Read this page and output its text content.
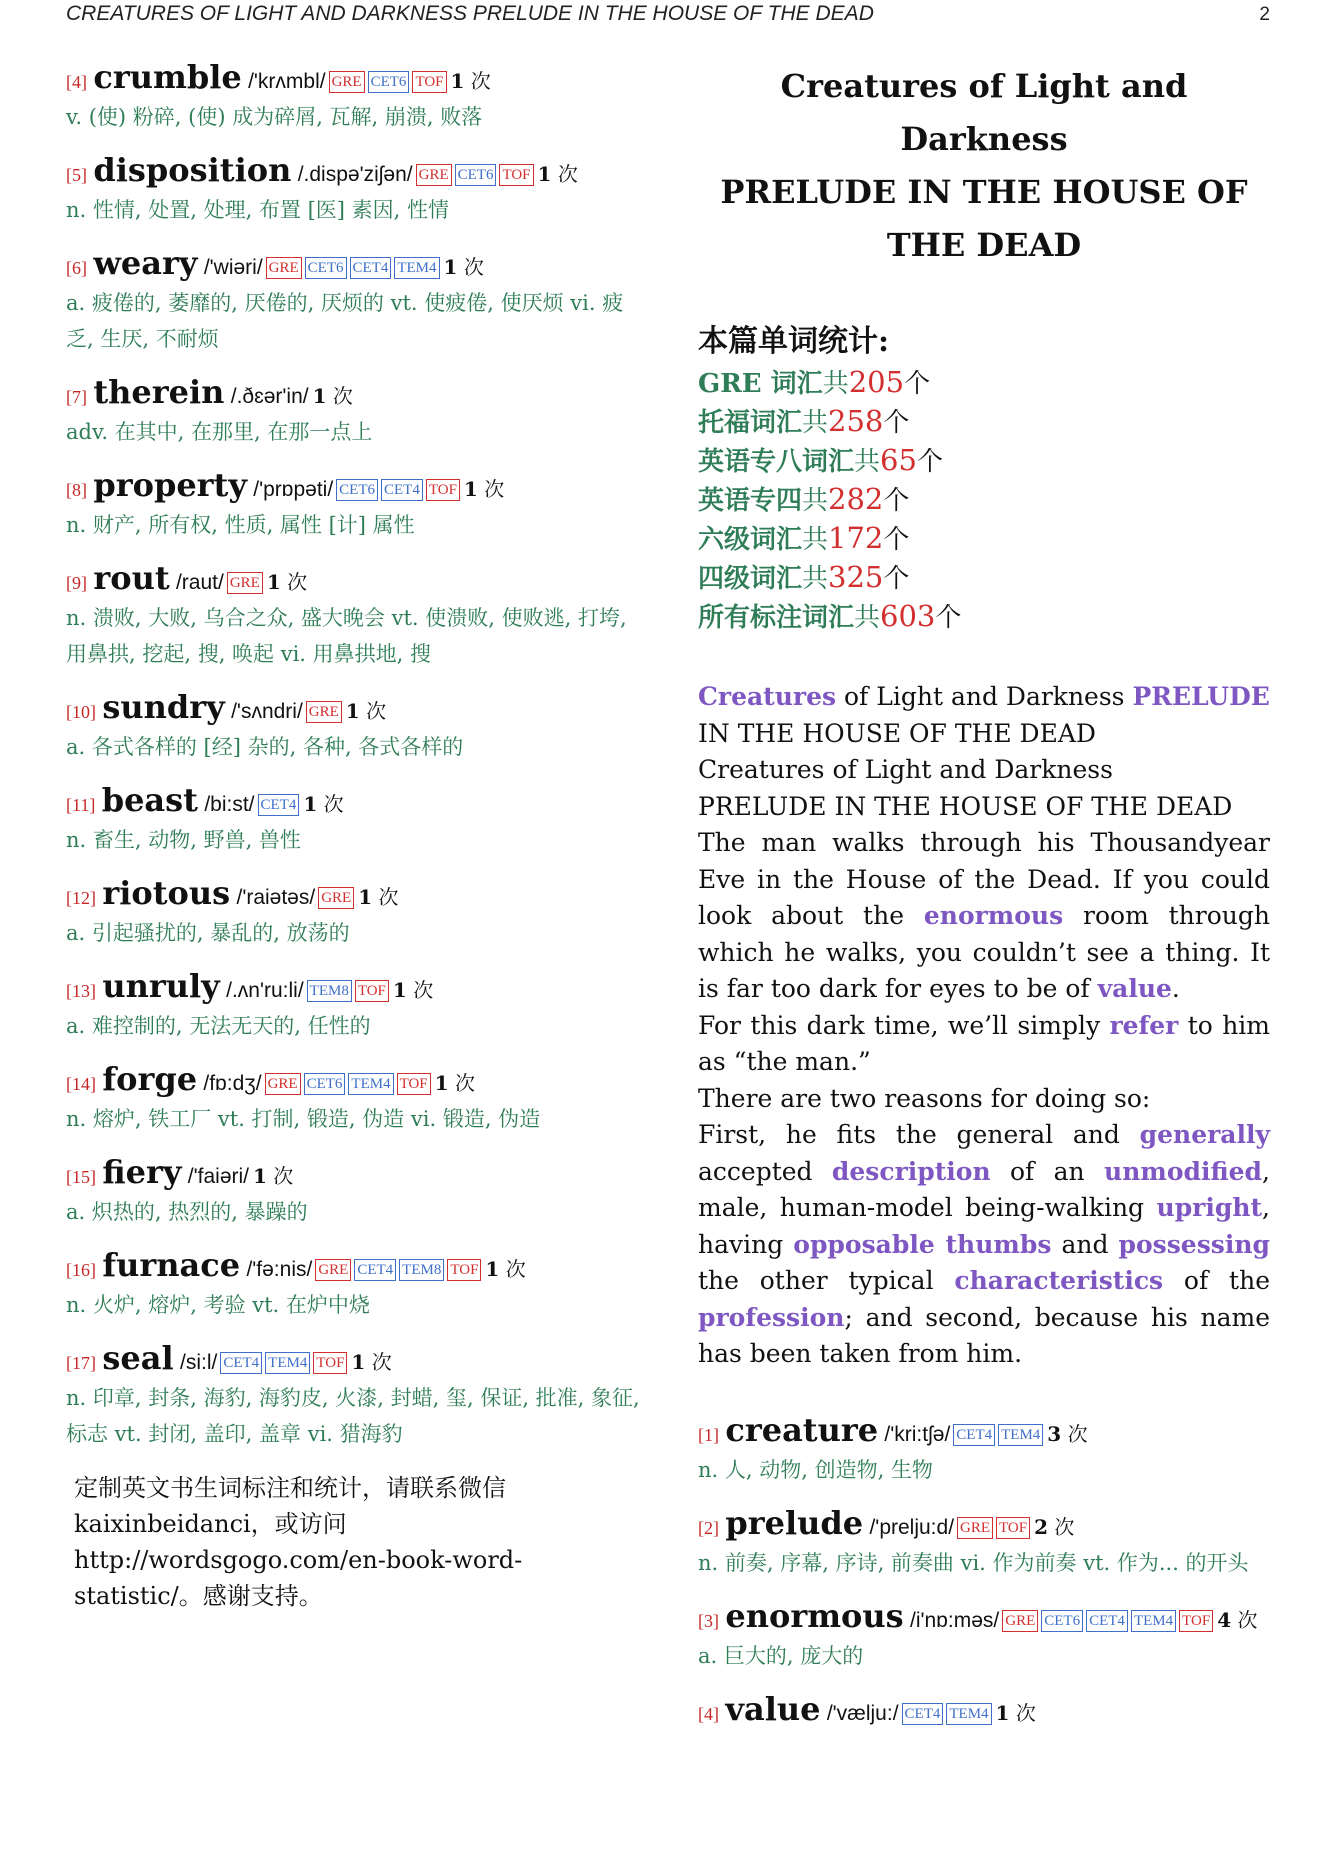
CREATURES OF LIGHT AND DARKNESS PRELUDE IN THE HOUSE OF THE DEAD	2
[4] crumble /'krʌmbl/ GRE CET6 TOF 1 次
v. (使) 粉碎, (使) 成为碎屑, 瓦解, 崩溃, 败落
[5] disposition /.dispə'ziʃən/ GRE CET6 TOF 1 次
n. 性情, 处置, 处理, 布置 [医] 素因, 性情
[6] weary /'wiəri/ GRE CET6 CET4 TEM4 1 次
a. 疲倦的, 萎靡的, 厌倦的, 厌烦的 vt. 使疲倦, 使厌烦 vi. 疲乏, 生厌, 不耐烦
[7] therein /.ðɛər'in/ 1 次
adv. 在其中, 在那里, 在那一点上
[8] property /'prɒpəti/ CET6 CET4 TOF 1 次
n. 财产, 所有权, 性质, 属性 [计] 属性
[9] rout /raut/ GRE 1 次
n. 溃败, 大败, 乌合之众, 盛大晚会 vt. 使溃败, 使败逃, 打垮, 用鼻拱, 挖起, 搜, 唤起 vi. 用鼻拱地, 搜
[10] sundry /'sʌndri/ GRE 1 次
a. 各式各样的 [经] 杂的, 各种, 各式各样的
[11] beast /bi:st/ CET4 1 次
n. 畜生, 动物, 野兽, 兽性
[12] riotous /'raiətəs/ GRE 1 次
a. 引起骚扰的, 暴乱的, 放荡的
[13] unruly /.ʌn'ru:li/ TEM8 TOF 1 次
a. 难控制的, 无法无天的, 任性的
[14] forge /fɒ:dʒ/ GRE CET6 TEM4 TOF 1 次
n. 熔炉, 铁工厂 vt. 打制, 锻造, 伪造 vi. 锻造, 伪造
[15] fiery /'faiəri/ 1 次
a. 炽热的, 热烈的, 暴躁的
[16] furnace /'fə:nis/ GRE CET4 TEM8 TOF 1 次
n. 火炉, 熔炉, 考验 vt. 在炉中烧
[17] seal /si:l/ CET4 TEM4 TOF 1 次
n. 印章, 封条, 海豹, 海豹皮, 火漆, 封蜡, 玺, 保证, 批准, 象征, 标志 vt. 封闭, 盖印, 盖章 vi. 猎海豹
定制英文书生词标注和统计，请联系微信 kaixinbeidanci，或访问 http://wordsgogo.com/en-book-word-statistic/。感谢支持。
Creatures of Light and Darkness
PRELUDE IN THE HOUSE OF
THE DEAD
本篇单词统计:
GRE 词汇共205个
托福词汇共258个
英语专八词汇共65个
英语专四共282个
六级词汇共172个
四级词汇共325个
所有标注词汇共603个

Creatures of Light and Darkness PRELUDE

IN THE HOUSE OF THE DEAD

Creatures of Light and Darkness

PRELUDE IN THE HOUSE OF THE DEAD

The man walks through his Thousandyear Eve in the House of the Dead. If you could look about the enormous room through which he walks, you couldn’t see a thing. It is far too dark for eyes to be of value.

For this dark time, we’ll simply refer to him as “the man.”

There are two reasons for doing so:

First, he fits the general and generally accepted description of an unmodified, male, human-model being-walking upright, having opposable thumbs and possessing the other typical characteristics of the profession; and second, because his name has been taken from him.

[1] creature /'kri:tʃə/ CET4 TEM4 3 次
n. 人, 动物, 创造物, 生物
[2] prelude /'prelju:d/ GRE TOF 2 次
n. 前奏, 序幕, 序诗, 前奏曲 vi. 作为前奏 vt. 作为... 的开头
[3] enormous /i'nɒ:məs/ GRE CET6 CET4 TEM4 TOF 4 次
a. 巨大的, 庞大的
[4] value /'vælju:/ CET4 TEM4 1 次
